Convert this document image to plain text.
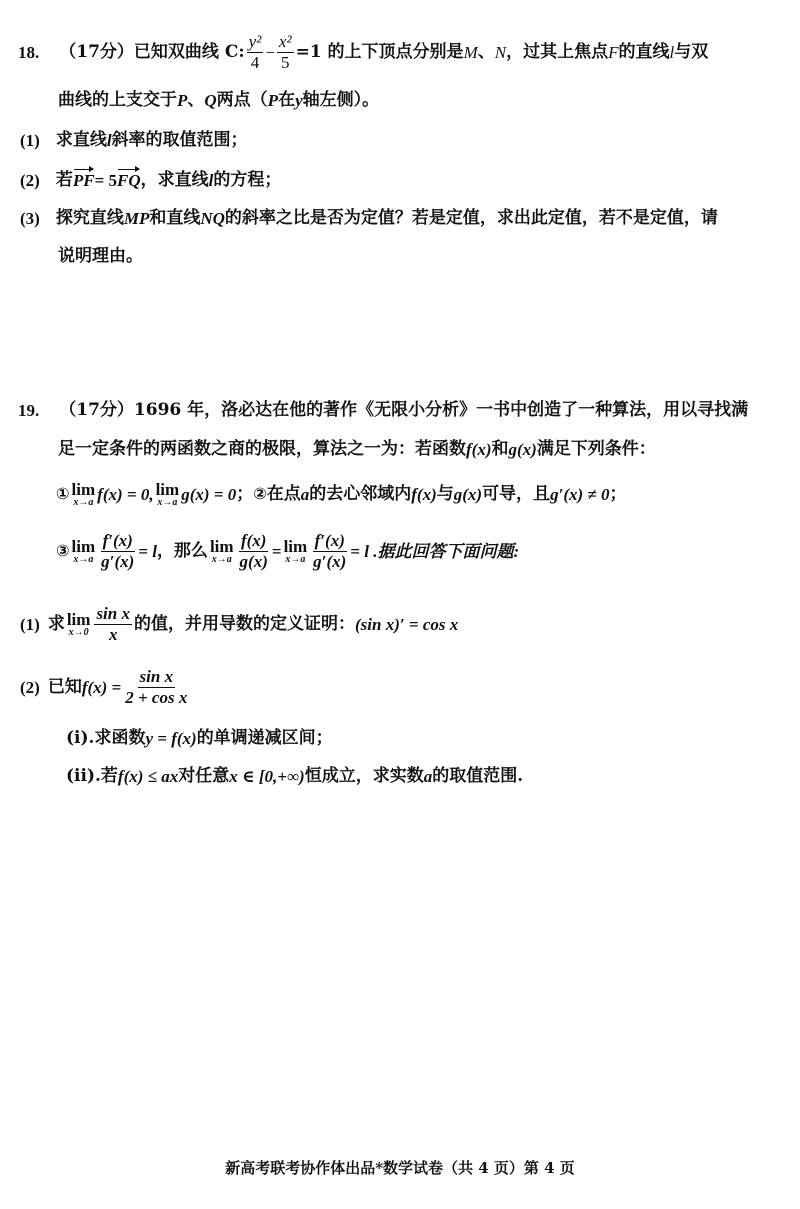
18. （17分） 已知双曲线 C: $\frac{\text{y²}}{4} - \frac{\text{x²}}{5} =1$ 的上下顶点分别是 M 、 N ，过其上焦点 F 的直线 l 与双
曲线的上支交于 P 、 Q 两点（ P 在 y 轴左侧）。
(1) 求直线 l 斜率的取值范围；
(2) 若 PF = 5 FQ ，求直线 l 的方程；
(3) 探究直线 MP 和直线 NQ 的斜率之比是否为定值？若是定值，求出此定值，若不是定值，请
说明理由。
19. （17分） 1696 年，洛必达在他的著作《无限小分析》一书中创造了一种算法，用以寻找满
足一定条件的两函数之商的极限，算法之一为：若函数 f(x) 和 g(x) 满足下列条件：
① lim
x→a f(x) = 0, lim
x→a g(x) = 0 ； ② 在点 a 的去心邻域内 f(x) 与 g(x) 可导，且 g′(x) ≠ 0 ；
③ lim
$x\to a \frac{f'(x)}{g'(x)} = l$ ，那么 lim
$x\to a \frac{f(x)}{g(x)} = \lim$
$x\to a \frac{f'(x)}{g'(x)} = l$ .据此回答下面问题:
(1) 求 lim
$x\to 0 \frac{\text{sin x}}{x}$ 的值，并用导数的定义证明： (sin x)′ = cos x
(2) 已知 $f(x) = \frac{\text{sin x}}{\text{2 + cos x}}$
(i). 求函数 y = f(x) 的单调递减区间；
(ii). 若 f(x) ≤ ax 对任意 x ∈ [0,+∞) 恒成立，求实数 a 的取值范围.
新高考联考协作体出品*数学试卷（共 4 页）第 4 页
